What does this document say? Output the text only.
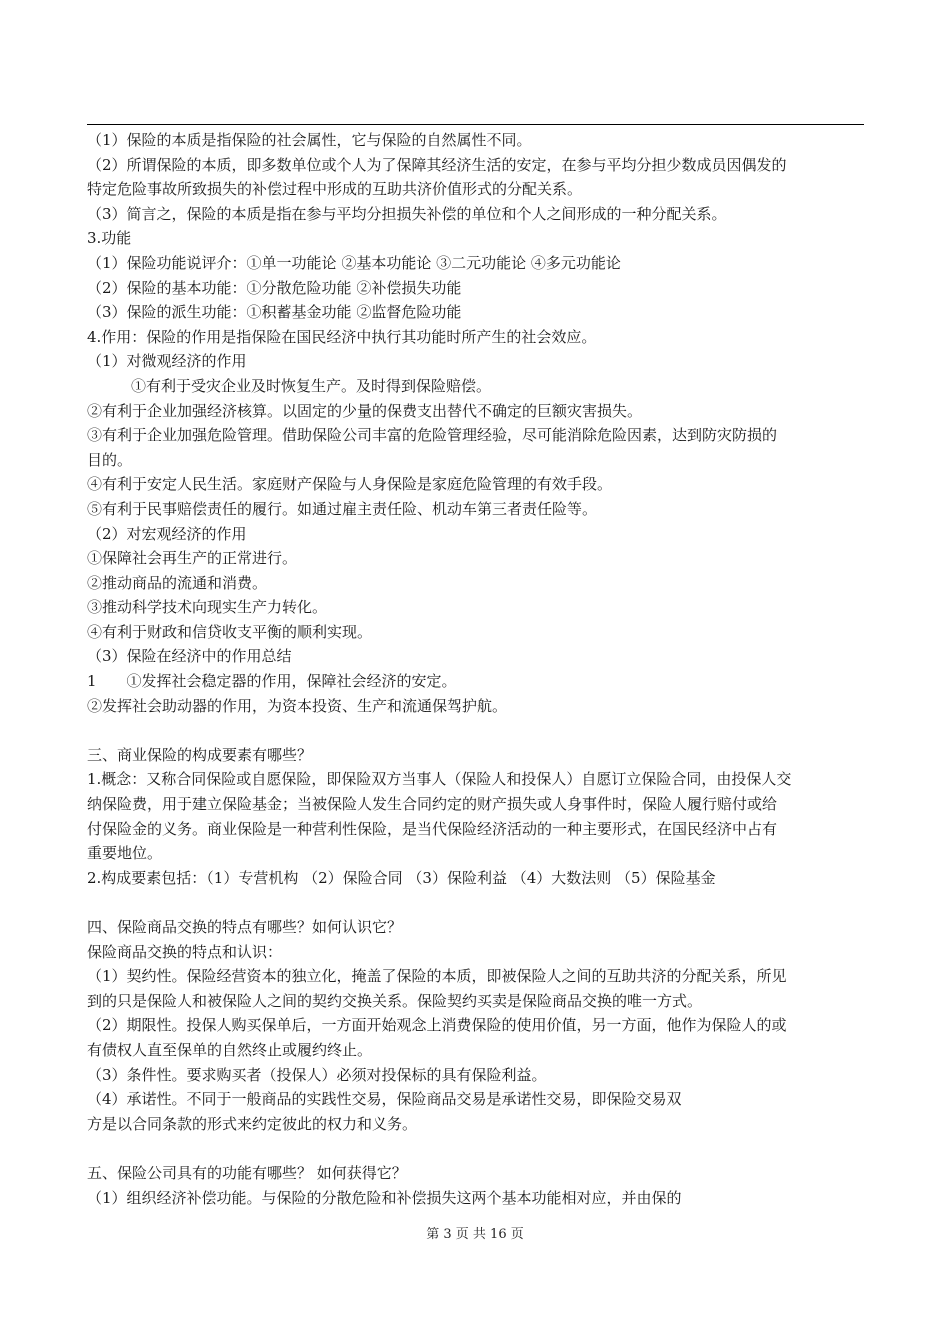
（1）保险的本质是指保险的社会属性，它与保险的自然属性不同。
（2）所谓保险的本质，即多数单位或个人为了保障其经济生活的安定，在参与平均分担少数成员因偶发的
特定危险事故所致损失的补偿过程中形成的互助共济价值形式的分配关系。
（3）简言之，保险的本质是指在参与平均分担损失补偿的单位和个人之间形成的一种分配关系。
3.功能
（1）保险功能说评介：①单一功能论 ②基本功能论 ③二元功能论 ④多元功能论
（2）保险的基本功能：①分散危险功能 ②补偿损失功能
（3）保险的派生功能：①积蓄基金功能 ②监督危险功能
4.作用：保险的作用是指保险在国民经济中执行其功能时所产生的社会效应。
（1）对微观经济的作用
①有利于受灾企业及时恢复生产。及时得到保险赔偿。
②有利于企业加强经济核算。以固定的少量的保费支出替代不确定的巨额灾害损失。
③有利于企业加强危险管理。借助保险公司丰富的危险管理经验，尽可能消除危险因素，达到防灾防损的
目的。
④有利于安定人民生活。家庭财产保险与人身保险是家庭危险管理的有效手段。
⑤有利于民事赔偿责任的履行。如通过雇主责任险、机动车第三者责任险等。
（2）对宏观经济的作用
①保障社会再生产的正常进行。
②推动商品的流通和消费。
③推动科学技术向现实生产力转化。
④有利于财政和信贷收支平衡的顺利实现。
（3）保险在经济中的作用总结
1　　①发挥社会稳定器的作用，保障社会经济的安定。
②发挥社会助动器的作用，为资本投资、生产和流通保驾护航。
三、商业保险的构成要素有哪些？
1.概念：又称合同保险或自愿保险，即保险双方当事人（保险人和投保人）自愿订立保险合同，由投保人交
纳保险费，用于建立保险基金；当被保险人发生合同约定的财产损失或人身事件时，保险人履行赔付或给
付保险金的义务。商业保险是一种营利性保险，是当代保险经济活动的一种主要形式，在国民经济中占有
重要地位。
2.构成要素包括：（1）专营机构 （2）保险合同 （3）保险利益 （4）大数法则 （5）保险基金
四、保险商品交换的特点有哪些？如何认识它？
保险商品交换的特点和认识：
（1）契约性。保险经营资本的独立化，掩盖了保险的本质，即被保险人之间的互助共济的分配关系，所见
到的只是保险人和被保险人之间的契约交换关系。保险契约买卖是保险商品交换的唯一方式。
（2）期限性。投保人购买保单后，一方面开始观念上消费保险的使用价值，另一方面，他作为保险人的或
有债权人直至保单的自然终止或履约终止。
（3）条件性。要求购买者（投保人）必须对投保标的具有保险利益。
（4）承诺性。不同于一般商品的实践性交易，保险商品交易是承诺性交易，即保险交易双
方是以合同条款的形式来约定彼此的权力和义务。
五、保险公司具有的功能有哪些？ 如何获得它？
（1）组织经济补偿功能。与保险的分散危险和补偿损失这两个基本功能相对应，并由保的
第 3 页 共 16 页
